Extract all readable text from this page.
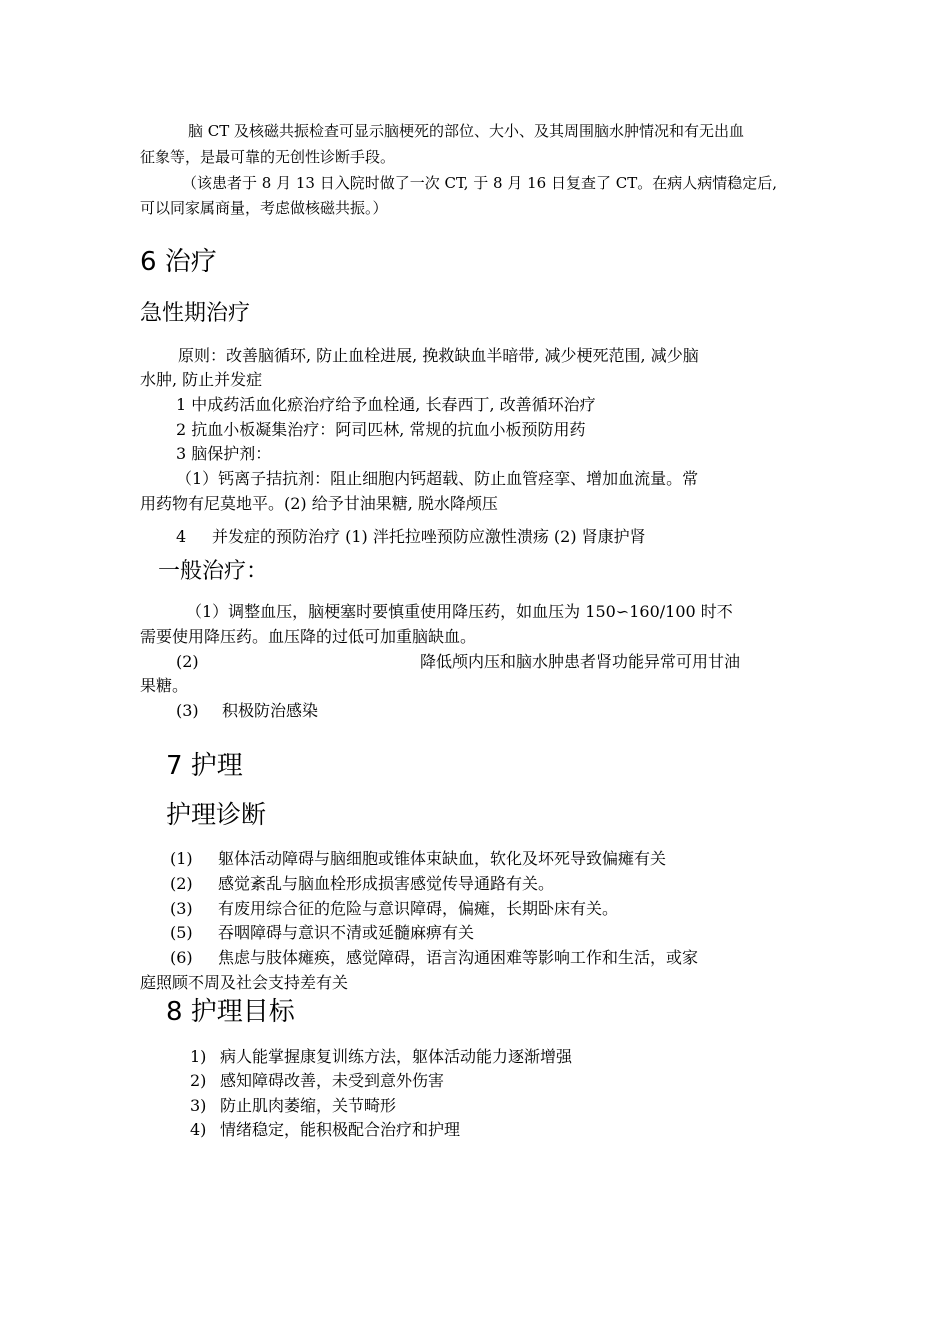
脑 CT 及核磁共振检查可显示脑梗死的部位、大小、及其周围脑水肿情况和有无出血
征象等，是最可靠的无创性诊断手段。
（该患者于 8 月 13 日入院时做了一次 CT, 于 8 月 16 日复查了 CT。在病人病情稳定后,
可以同家属商量，考虑做核磁共振。）
6 治疗
急性期治疗
原则：改善脑循环, 防止血栓进展, 挽救缺血半暗带, 减少梗死范围, 减少脑
水肿, 防止并发症
1 中成药活血化瘀治疗给予血栓通, 长春西丁, 改善循环治疗
2 抗血小板凝集治疗：阿司匹林, 常规的抗血小板预防用药
3 脑保护剂：
（1）钙离子拮抗剂：阻止细胞内钙超载、防止血管痉挛、增加血流量。常
用药物有尼莫地平。(2) 给予甘油果糖, 脱水降颅压
4 并发症的预防治疗 (1) 泮托拉唑预防应激性溃疡 (2) 肾康护肾
一般治疗：
（1）调整血压，脑梗塞时要慎重使用降压药，如血压为 150∽160/100 时不
需要使用降压药。血压降的过低可加重脑缺血。
(2)	降低颅内压和脑水肿患者肾功能异常可用甘油
果糖。
(3) 积极防治感染
7 护理
护理诊断
(1) 躯体活动障碍与脑细胞或锥体束缺血，软化及坏死导致偏瘫有关
(2) 感觉紊乱与脑血栓形成损害感觉传导通路有关。
(3) 有废用综合征的危险与意识障碍，偏瘫，长期卧床有关。
(5) 吞咽障碍与意识不清或延髓麻痹有关
(6) 焦虑与肢体瘫痪，感觉障碍，语言沟通困难等影响工作和生活，或家
庭照顾不周及社会支持差有关
8 护理目标
1) 病人能掌握康复训练方法，躯体活动能力逐渐增强
2) 感知障碍改善，未受到意外伤害
3) 防止肌肉萎缩，关节畸形
4) 情绪稳定，能积极配合治疗和护理
